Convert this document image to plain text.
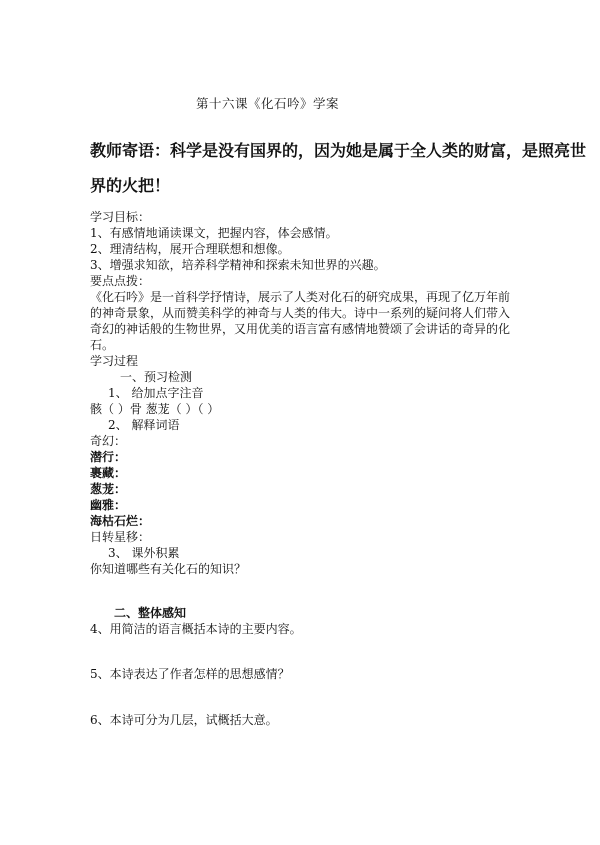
第十六课《化石吟》学案
教师寄语：科学是没有国界的，因为她是属于全人类的财富，是照亮世
界的火把！
学习目标：
1、有感情地诵读课文，把握内容，体会感情。
2、理清结构，展开合理联想和想像。
3、增强求知欲，培养科学精神和探索未知世界的兴趣。
要点点拨：
《化石吟》是一首科学抒情诗，展示了人类对化石的研究成果，再现了亿万年前
的神奇景象，从而赞美科学的神奇与人类的伟大。诗中一系列的疑问将人们带入
奇幻的神话般的生物世界，又用优美的语言富有感情地赞颂了会讲话的奇异的化
石。
学习过程
一、预习检测
1、 给加点字注音
骸（ ）骨 葱茏（ ）（ ）
2、 解释词语
奇幻：
潜行：
裹藏：
葱茏：
幽雅：
海枯石烂：
日转星移：
3、 课外积累
你知道哪些有关化石的知识？
二、整体感知
4、用简洁的语言概括本诗的主要内容。
5、本诗表达了作者怎样的思想感情？
6、本诗可分为几层，试概括大意。
